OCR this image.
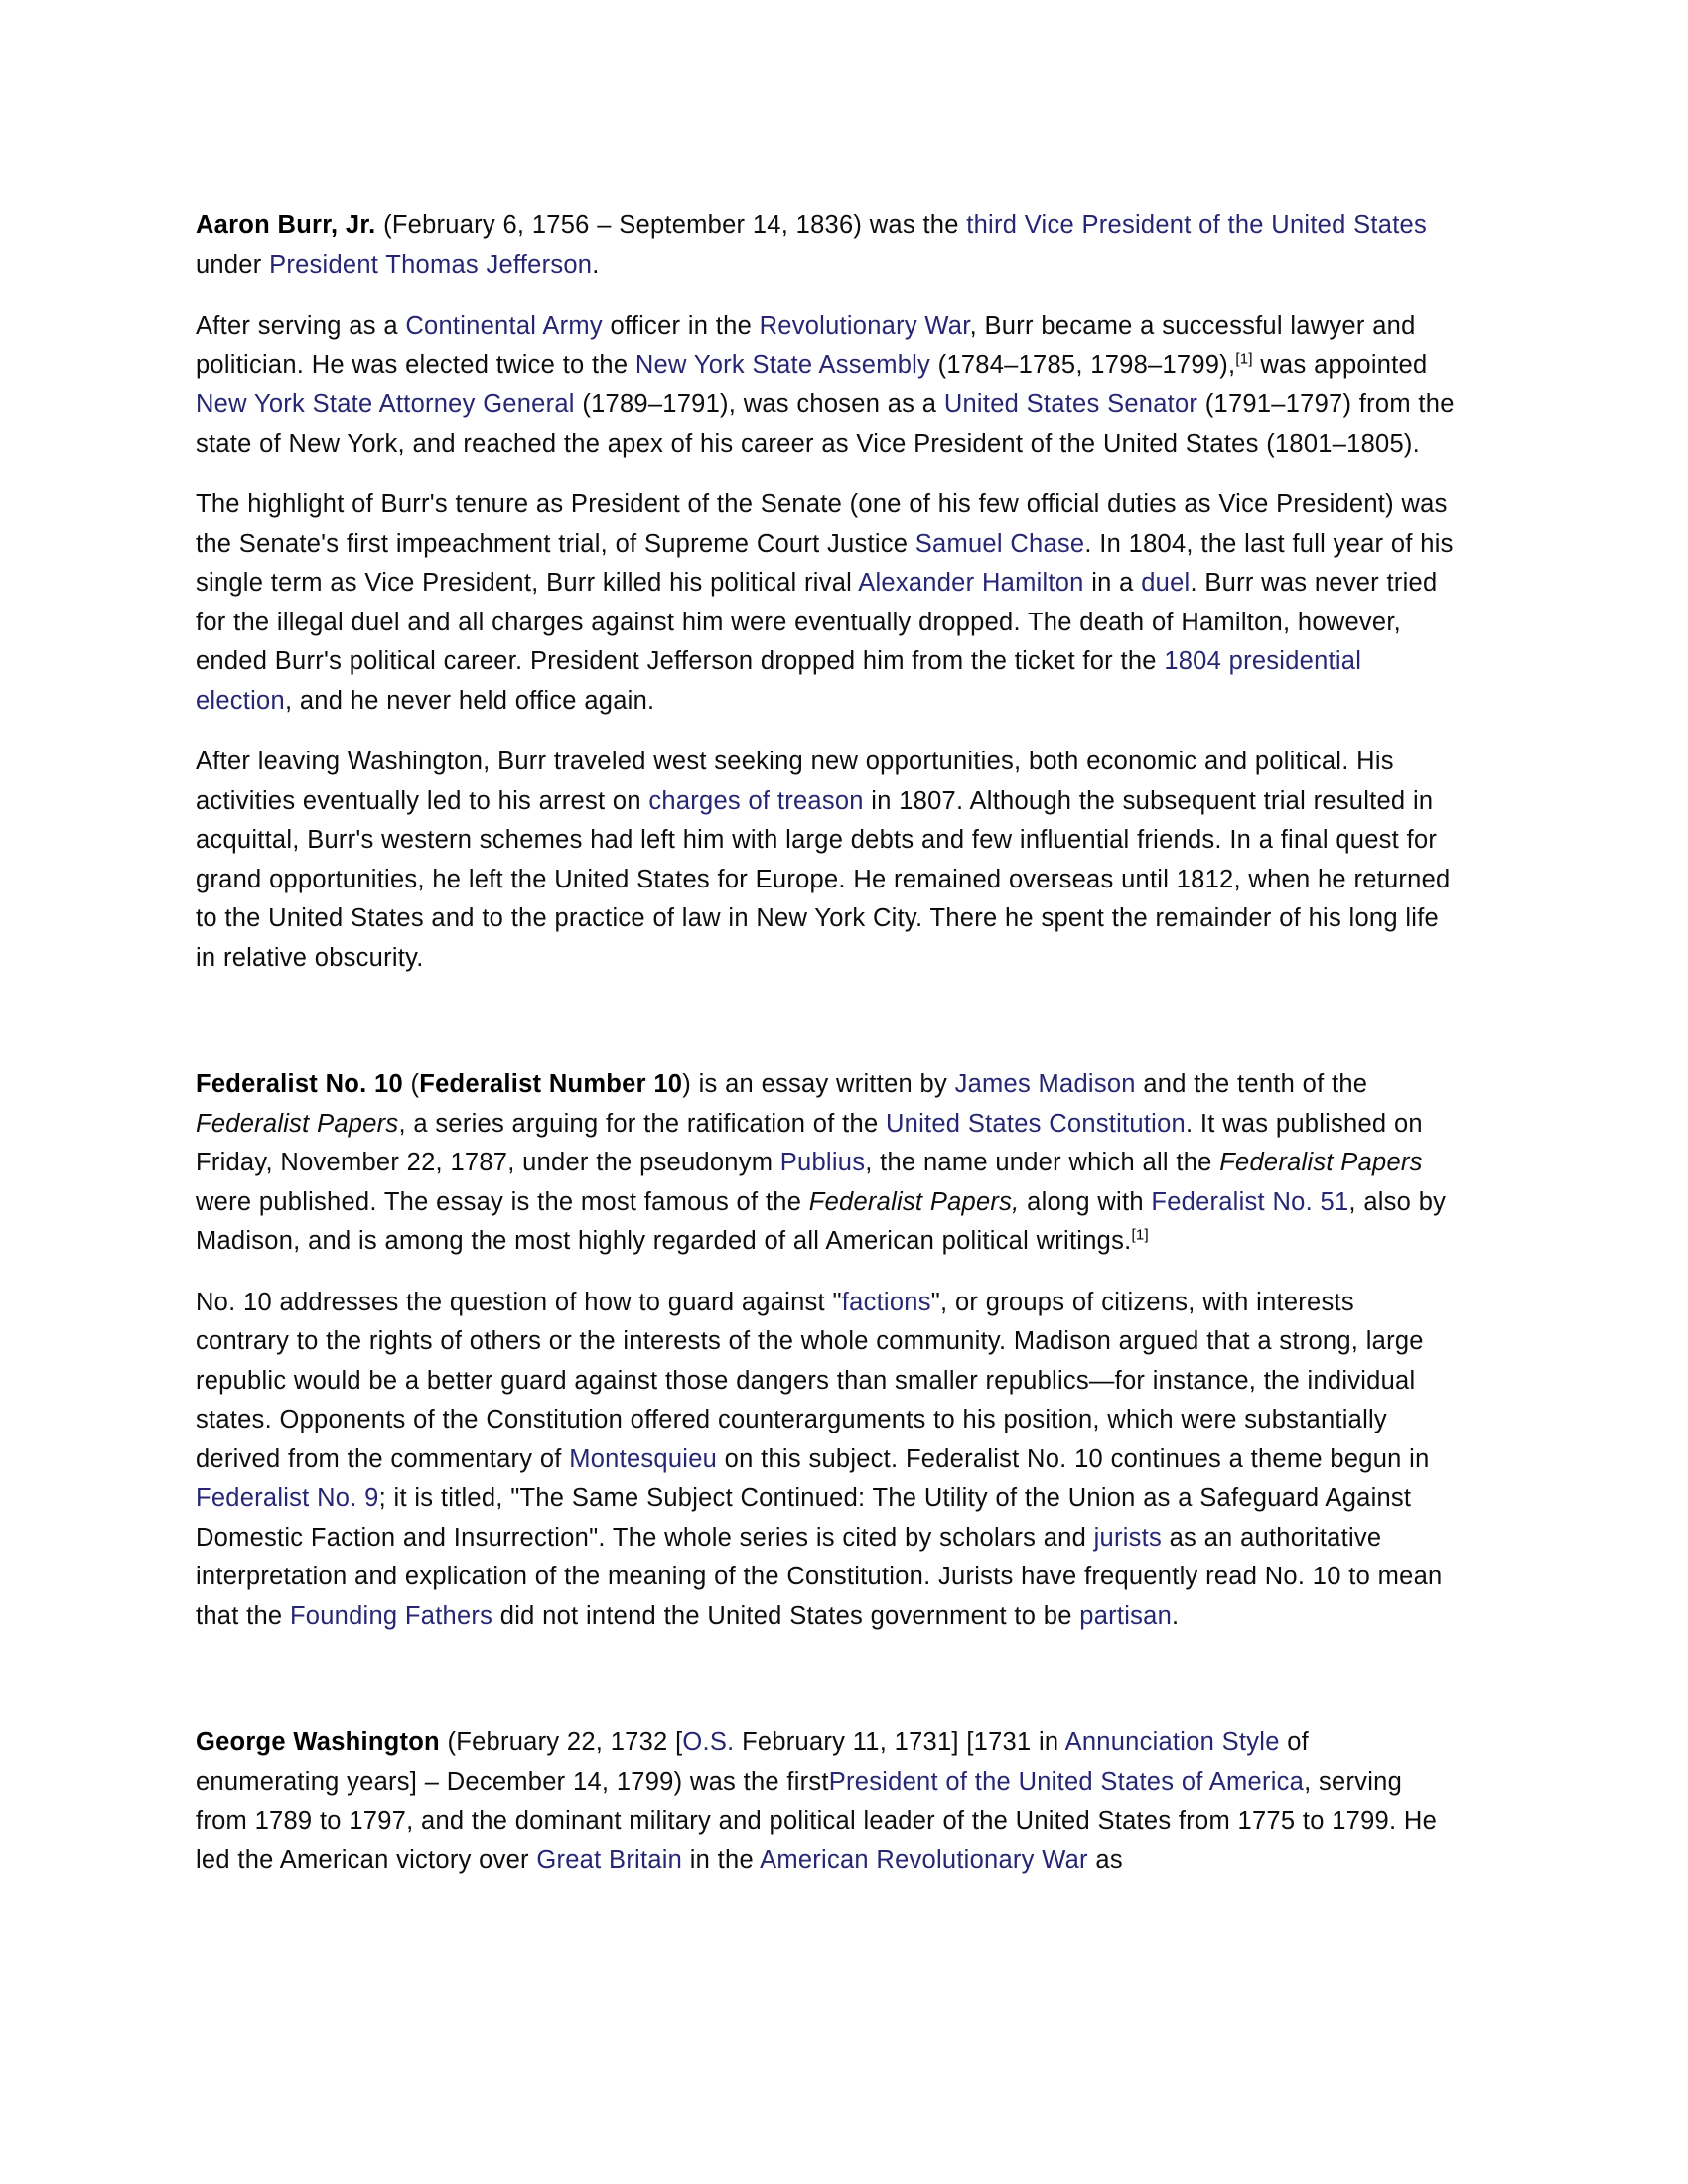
Aaron Burr, Jr. (February 6, 1756 – September 14, 1836) was the third Vice President of the United States under President Thomas Jefferson.

After serving as a Continental Army officer in the Revolutionary War, Burr became a successful lawyer and politician. He was elected twice to the New York State Assembly (1784–1785, 1798–1799),[1] was appointed New York State Attorney General (1789–1791), was chosen as a United States Senator (1791–1797) from the state of New York, and reached the apex of his career as Vice President of the United States (1801–1805).

The highlight of Burr's tenure as President of the Senate (one of his few official duties as Vice President) was the Senate's first impeachment trial, of Supreme Court Justice Samuel Chase. In 1804, the last full year of his single term as Vice President, Burr killed his political rival Alexander Hamilton in a duel. Burr was never tried for the illegal duel and all charges against him were eventually dropped. The death of Hamilton, however, ended Burr's political career. President Jefferson dropped him from the ticket for the 1804 presidential election, and he never held office again.

After leaving Washington, Burr traveled west seeking new opportunities, both economic and political. His activities eventually led to his arrest on charges of treason in 1807. Although the subsequent trial resulted in acquittal, Burr's western schemes had left him with large debts and few influential friends. In a final quest for grand opportunities, he left the United States for Europe. He remained overseas until 1812, when he returned to the United States and to the practice of law in New York City. There he spent the remainder of his long life in relative obscurity.

Federalist No. 10 (Federalist Number 10) is an essay written by James Madison and the tenth of the Federalist Papers, a series arguing for the ratification of the United States Constitution. It was published on Friday, November 22, 1787, under the pseudonym Publius, the name under which all the Federalist Papers were published. The essay is the most famous of the Federalist Papers, along with Federalist No. 51, also by Madison, and is among the most highly regarded of all American political writings.[1]

No. 10 addresses the question of how to guard against "factions", or groups of citizens, with interests contrary to the rights of others or the interests of the whole community. Madison argued that a strong, large republic would be a better guard against those dangers than smaller republics—for instance, the individual states. Opponents of the Constitution offered counterarguments to his position, which were substantially derived from the commentary of Montesquieu on this subject. Federalist No. 10 continues a theme begun in Federalist No. 9; it is titled, "The Same Subject Continued: The Utility of the Union as a Safeguard Against Domestic Faction and Insurrection". The whole series is cited by scholars and jurists as an authoritative interpretation and explication of the meaning of the Constitution. Jurists have frequently read No. 10 to mean that the Founding Fathers did not intend the United States government to be partisan.

George Washington (February 22, 1732 [O.S. February 11, 1731] [1731 in Annunciation Style of enumerating years] – December 14, 1799) was the firstPresident of the United States of America, serving from 1789 to 1797, and the dominant military and political leader of the United States from 1775 to 1799. He led the American victory over Great Britain in the American Revolutionary War as
